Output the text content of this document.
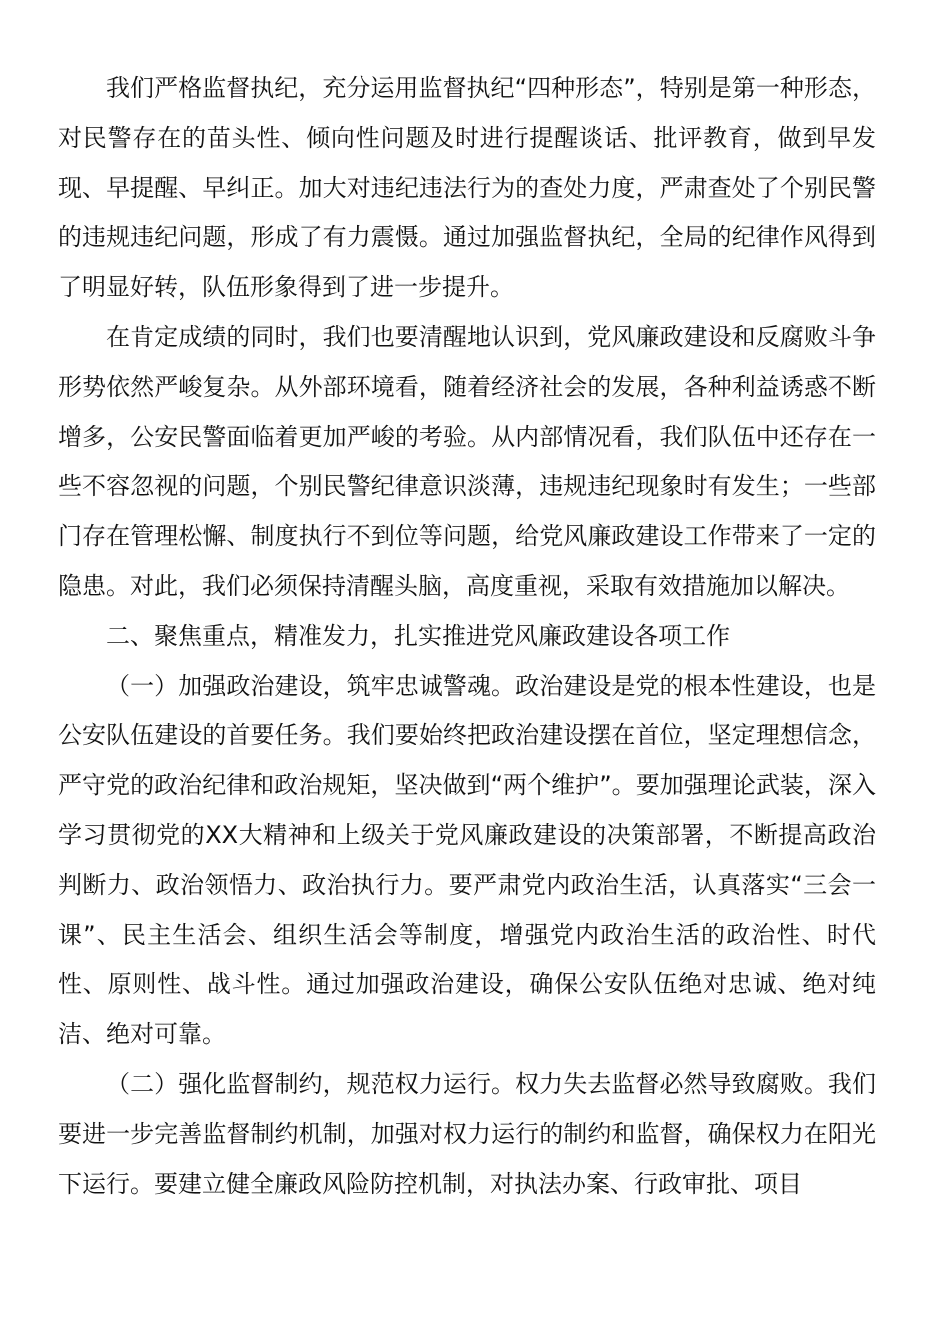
我们严格监督执纪，充分运用监督执纪“四种形态”，特别是第一种形态，对民警存在的苗头性、倾向性问题及时进行提醒谈话、批评教育，做到早发现、早提醒、早纠正。加大对违纪违法行为的查处力度，严肃查处了个别民警的违规违纪问题，形成了有力震慑。通过加强监督执纪，全局的纪律作风得到了明显好转，队伍形象得到了进一步提升。

在肯定成绩的同时，我们也要清醒地认识到，党风廉政建设和反腐败斗争形势依然严峻复杂。从外部环境看，随着经济社会的发展，各种利益诱惑不断增多，公安民警面临着更加严峻的考验。从内部情况看，我们队伍中还存在一些不容忽视的问题，个别民警纪律意识淡薄，违规违纪现象时有发生；一些部门存在管理松懈、制度执行不到位等问题，给党风廉政建设工作带来了一定的隐患。对此，我们必须保持清醒头脑，高度重视，采取有效措施加以解决。

二、聚焦重点，精准发力，扎实推进党风廉政建设各项工作

（一）加强政治建设，筑牢忠诚警魂。政治建设是党的根本性建设，也是公安队伍建设的首要任务。我们要始终把政治建设摆在首位，坚定理想信念，严守党的政治纪律和政治规矩，坚决做到“两个维护”。要加强理论武装，深入学习贯彻党的XX大精神和上级关于党风廉政建设的决策部署，不断提高政治判断力、政治领悟力、政治执行力。要严肃党内政治生活，认真落实“三会一课”、民主生活会、组织生活会等制度，增强党内政治生活的政治性、时代性、原则性、战斗性。通过加强政治建设，确保公安队伍绝对忠诚、绝对纯洁、绝对可靠。

（二）强化监督制约，规范权力运行。权力失去监督必然导致腐败。我们要进一步完善监督制约机制，加强对权力运行的制约和监督，确保权力在阳光下运行。要建立健全廉政风险防控机制，对执法办案、行政审批、项目
